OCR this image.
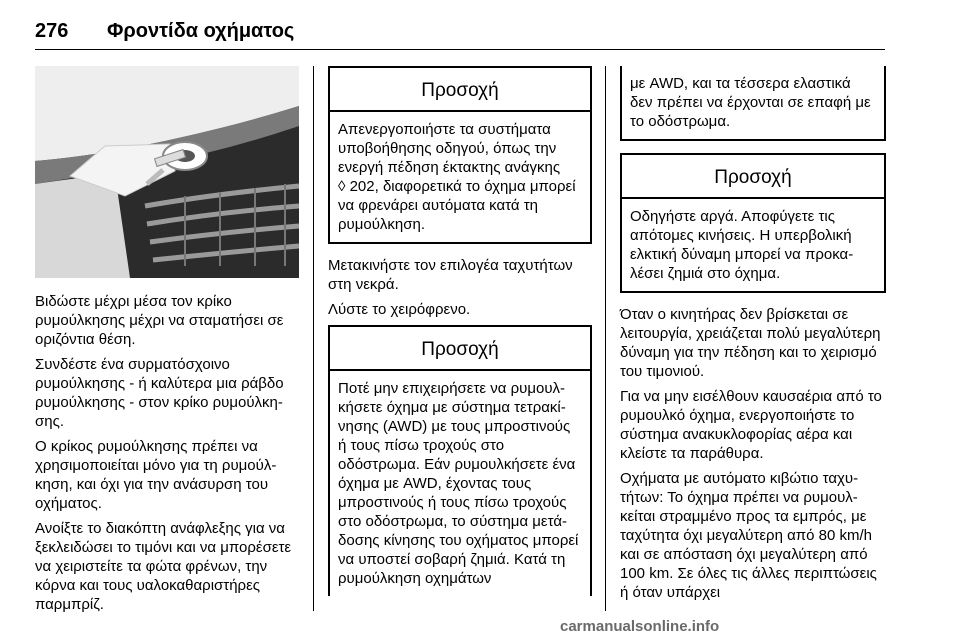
276 Φροντίδα οχήματος

Βιδώστε μέχρι μέσα τον κρίκο ρυμούλκησης μέχρι να σταματήσει σε οριζόντια θέση.

Συνδέστε ένα συρματόσχοινο ρυμούλκησης - ή καλύτερα μια ράβδο ρυμούλκησης - στον κρίκο ρυμούλκησης.

Ο κρίκος ρυμούλκησης πρέπει να χρησιμοποιείται μόνο για τη ρυμούλκηση, και όχι για την ανάσυρση του οχήματος.

Ανοίξτε το διακόπτη ανάφλεξης για να ξεκλειδώσει το τιμόνι και να μπορέσετε να χειριστείτε τα φώτα φρένων, την κόρνα και τους υαλοκαθαριστήρες παρμπρίζ.

Προσοχή
Απενεργοποιήστε τα συστήματα υποβοήθησης οδηγού, όπως την ενεργή πέδηση έκτακτης ανάγκης
◊ 202, διαφορετικά το όχημα μπορεί να φρενάρει αυτόματα κατά τη ρυμούλκηση.

Μετακινήστε τον επιλογέα ταχυτήτων στη νεκρά.

Λύστε το χειρόφρενο.

Προσοχή
Ποτέ μην επιχειρήσετε να ρυμουλκήσετε όχημα με σύστημα τετρακίνησης (AWD) με τους μπροστινούς ή τους πίσω τροχούς στο οδόστρωμα. Εάν ρυμουλκήσετε ένα όχημα με AWD, έχοντας τους μπροστινούς ή τους πίσω τροχούς στο οδόστρωμα, το σύστημα μετάδοσης κίνησης του οχήματος μπορεί να υποστεί σοβαρή ζημιά. Κατά τη ρυμούλκηση οχημάτων
με AWD, και τα τέσσερα ελαστικά δεν πρέπει να έρχονται σε επαφή με το οδόστρωμα.
Προσοχή
Οδηγήστε αργά. Αποφύγετε τις απότομες κινήσεις. Η υπερβολική ελκτική δύναμη μπορεί να προκαλέσει ζημιά στο όχημα.

Όταν ο κινητήρας δεν βρίσκεται σε λειτουργία, χρειάζεται πολύ μεγαλύτερη δύναμη για την πέδηση και το χειρισμό του τιμονιού.

Για να μην εισέλθουν καυσαέρια από το ρυμουλκό όχημα, ενεργοποιήστε το σύστημα ανακυκλοφορίας αέρα και κλείστε τα παράθυρα.

Οχήματα με αυτόματο κιβώτιο ταχυτήτων: Το όχημα πρέπει να ρυμουλκείται στραμμένο προς τα εμπρός, με ταχύτητα όχι μεγαλύτερη από 80 km/h και σε απόσταση όχι μεγαλύτερη από 100 km. Σε όλες τις άλλες περιπτώσεις ή όταν υπάρχει

carmanualsonline.info
